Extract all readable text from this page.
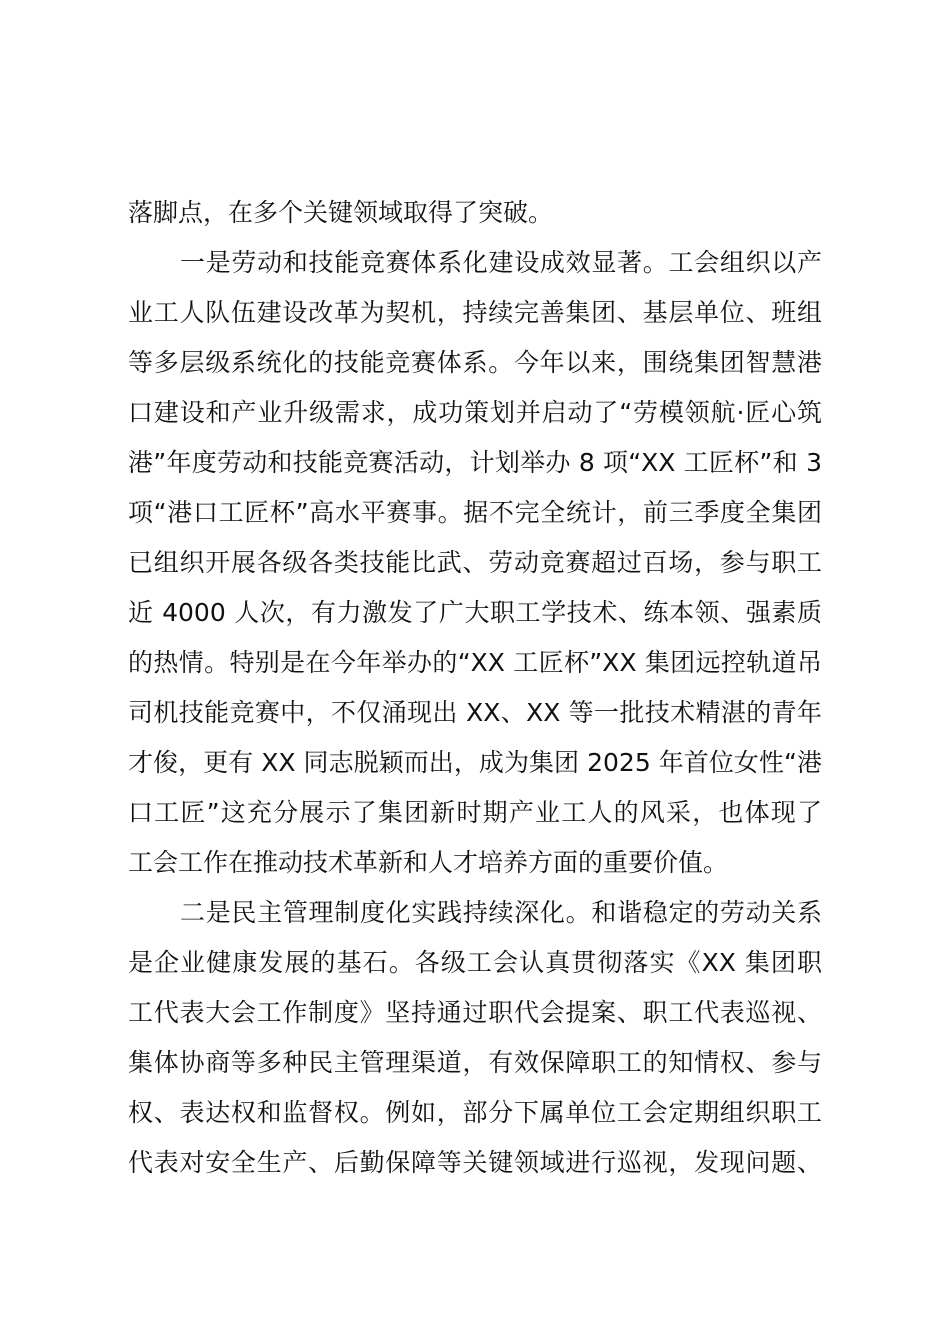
落脚点，在多个关键领域取得了突破。
一是劳动和技能竞赛体系化建设成效显著。工会组织以产
业工人队伍建设改革为契机，持续完善集团、基层单位、班组
等多层级系统化的技能竞赛体系。今年以来，围绕集团智慧港
口建设和产业升级需求，成功策划并启动了“劳模领航·匠心筑
港”年度劳动和技能竞赛活动，计划举办 8 项“XX 工匠杯”和 3
项“港口工匠杯”高水平赛事。据不完全统计，前三季度全集团
已组织开展各级各类技能比武、劳动竞赛超过百场，参与职工
近 4000 人次，有力激发了广大职工学技术、练本领、强素质
的热情。特别是在今年举办的“XX 工匠杯”XX 集团远控轨道吊
司机技能竞赛中，不仅涌现出 XX、XX 等一批技术精湛的青年
才俊，更有 XX 同志脱颖而出，成为集团 2025 年首位女性“港
口工匠”这充分展示了集团新时期产业工人的风采，也体现了
工会工作在推动技术革新和人才培养方面的重要价值。
二是民主管理制度化实践持续深化。和谐稳定的劳动关系
是企业健康发展的基石。各级工会认真贯彻落实《XX 集团职
工代表大会工作制度》坚持通过职代会提案、职工代表巡视、
集体协商等多种民主管理渠道，有效保障职工的知情权、参与
权、表达权和监督权。例如，部分下属单位工会定期组织职工
代表对安全生产、后勤保障等关键领域进行巡视，发现问题、
